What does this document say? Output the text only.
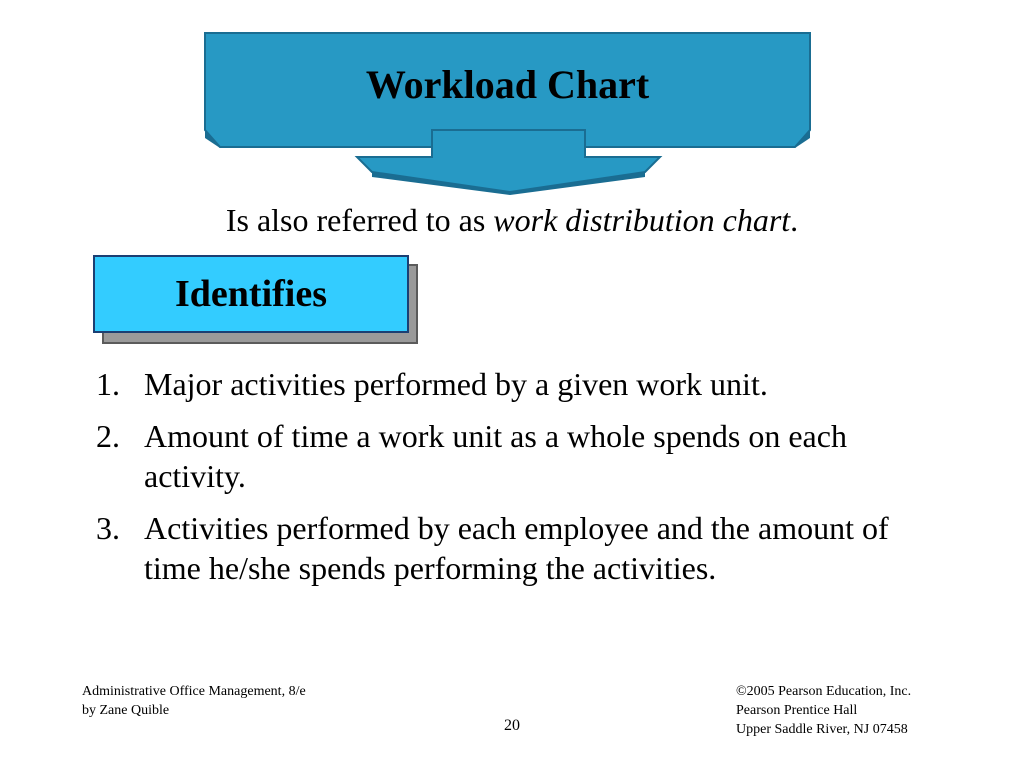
Workload Chart
Is also referred to as work distribution chart.
Identifies
1. Major activities performed by a given work unit.
2. Amount of time a work unit as a whole spends on each activity.
3. Activities performed by each employee and the amount of time he/she spends performing the activities.
Administrative Office Management, 8/e
by Zane Quible
20
©2005 Pearson Education, Inc.
Pearson Prentice Hall
Upper Saddle River, NJ 07458
